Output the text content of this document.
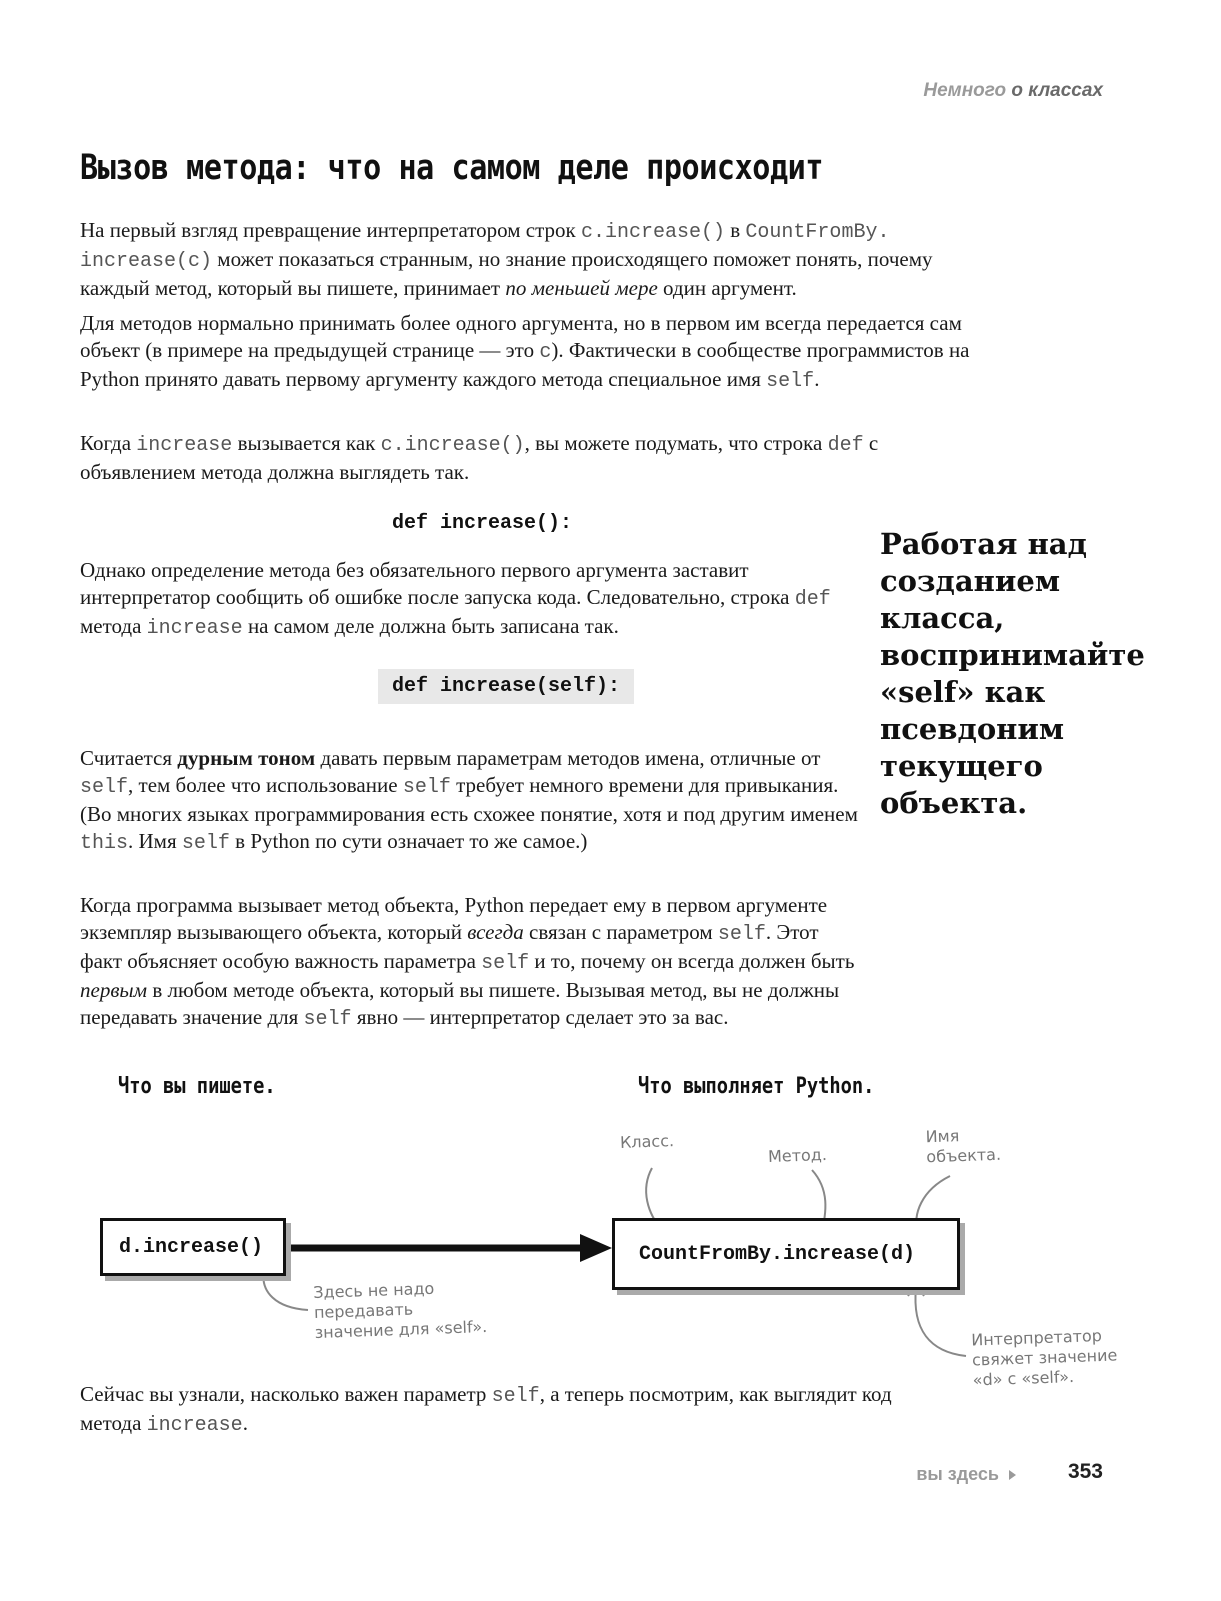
Немного о классах
Вызов метода: что на самом деле происходит

На первый взгляд превращение интерпретатором строк c.increase() в CountFromBy. increase(c) может показаться странным, но знание происходящего поможет понять, почему каждый метод, который вы пишете, принимает по меньшей мере один аргумент.

Для методов нормально принимать более одного аргумента, но в первом им всегда передается сам объект (в примере на предыдущей странице — это c). Фактически в сообществе программистов на Python принято давать первому аргументу каждого метода специальное имя self.

Когда increase вызывается как c.increase(), вы можете подумать, что строка def с объявлением метода должна выглядеть так.

def increase():

Однако определение метода без обязательного первого аргумента заставит интерпретатор сообщить об ошибке после запуска кода. Следовательно, строка def метода increase на самом деле должна быть записана так.

def increase(self):
Работая над созданием класса, воспринимайте «self» как псевдоним текущего объекта.

Считается дурным тоном давать первым параметрам методов имена, отличные от self, тем более что использование self требует немного времени для привыкания. (Во многих языках программирования есть схожее понятие, хотя и под другим именем this. Имя self в Python по сути означает то же самое.)

Когда программа вызывает метод объекта, Python передает ему в первом аргументе экземпляр вызывающего объекта, который всегда связан с параметром self. Этот факт объясняет особую важность параметра self и то, почему он всегда должен быть первым в любом методе объекта, который вы пишете. Вызывая метод, вы не должны передавать значение для self явно — интерпретатор сделает это за вас.

Что вы пишете.	Что выполняет Python.
Класс.
Метод.
Имя
объекта.
d.increase()	CountFromBy.increase(d)
Здесь не надо
передавать
значение для «self».	Интерпретатор
свяжет значение
«d» с «self».

Сейчас вы узнали, насколько важен параметр self, а теперь посмотрим, как выглядит код метода increase.

вы здесь	353
